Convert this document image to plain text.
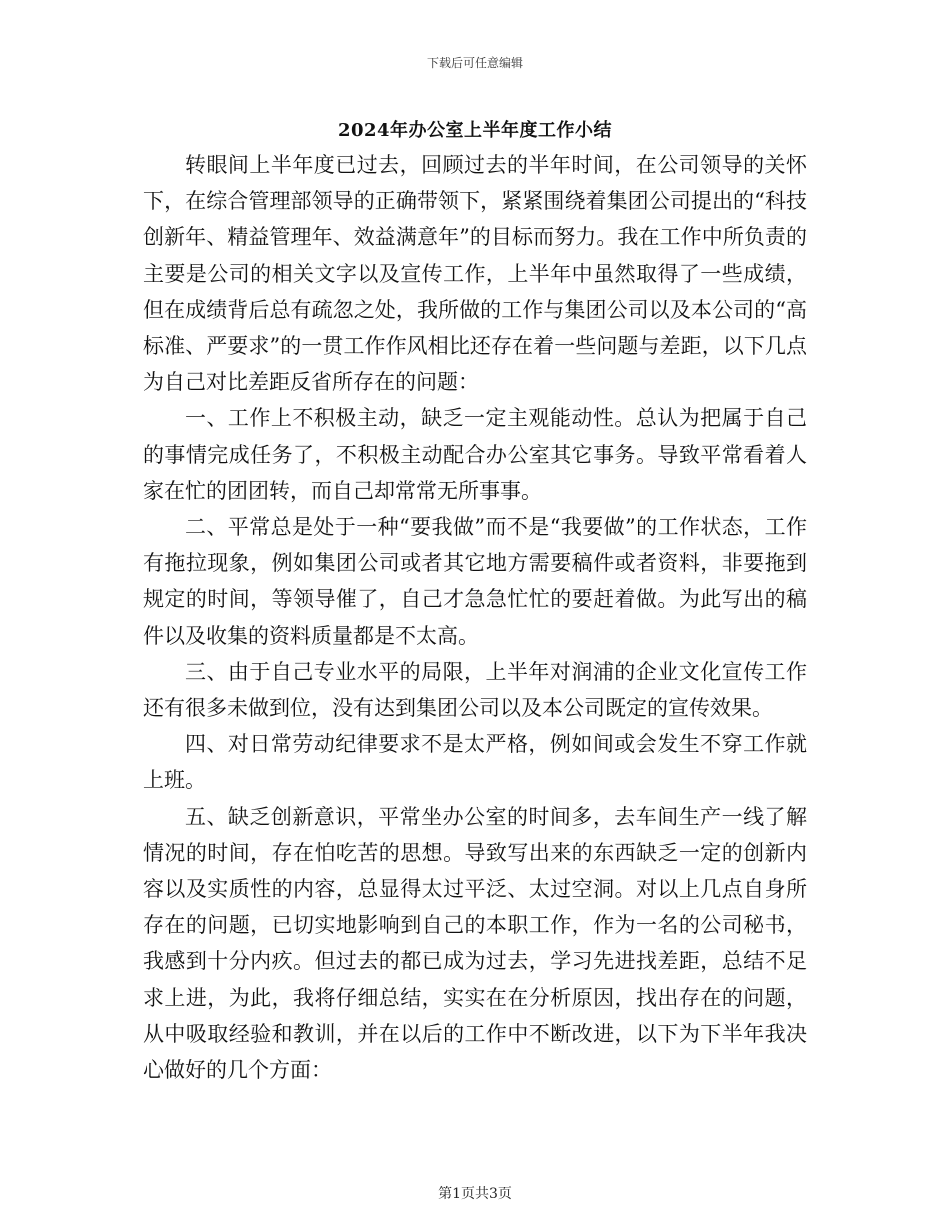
下载后可任意编辑
2024年办公室上半年度工作小结

转眼间上半年度已过去，回顾过去的半年时间，在公司领导的关怀下，在综合管理部领导的正确带领下，紧紧围绕着集团公司提出的“科技创新年、精益管理年、效益满意年”的目标而努力。我在工作中所负责的主要是公司的相关文字以及宣传工作，上半年中虽然取得了一些成绩，但在成绩背后总有疏忽之处，我所做的工作与集团公司以及本公司的“高标准、严要求”的一贯工作作风相比还存在着一些问题与差距，以下几点为自己对比差距反省所存在的问题：

一、工作上不积极主动，缺乏一定主观能动性。总认为把属于自己的事情完成任务了，不积极主动配合办公室其它事务。导致平常看着人家在忙的团团转，而自己却常常无所事事。

二、平常总是处于一种“要我做”而不是“我要做”的工作状态，工作有拖拉现象，例如集团公司或者其它地方需要稿件或者资料，非要拖到规定的时间，等领导催了，自己才急急忙忙的要赶着做。为此写出的稿件以及收集的资料质量都是不太高。

三、由于自己专业水平的局限，上半年对润浦的企业文化宣传工作还有很多未做到位，没有达到集团公司以及本公司既定的宣传效果。

四、对日常劳动纪律要求不是太严格，例如间或会发生不穿工作就上班。

五、缺乏创新意识，平常坐办公室的时间多，去车间生产一线了解情况的时间，存在怕吃苦的思想。导致写出来的东西缺乏一定的创新内容以及实质性的内容，总显得太过平泛、太过空洞。对以上几点自身所存在的问题，已切实地影响到自己的本职工作，作为一名的公司秘书，我感到十分内疚。但过去的都已成为过去，学习先进找差距，总结不足求上进，为此，我将仔细总结，实实在在分析原因，找出存在的问题，从中吸取经验和教训，并在以后的工作中不断改进，以下为下半年我决心做好的几个方面：

第1页共3页
